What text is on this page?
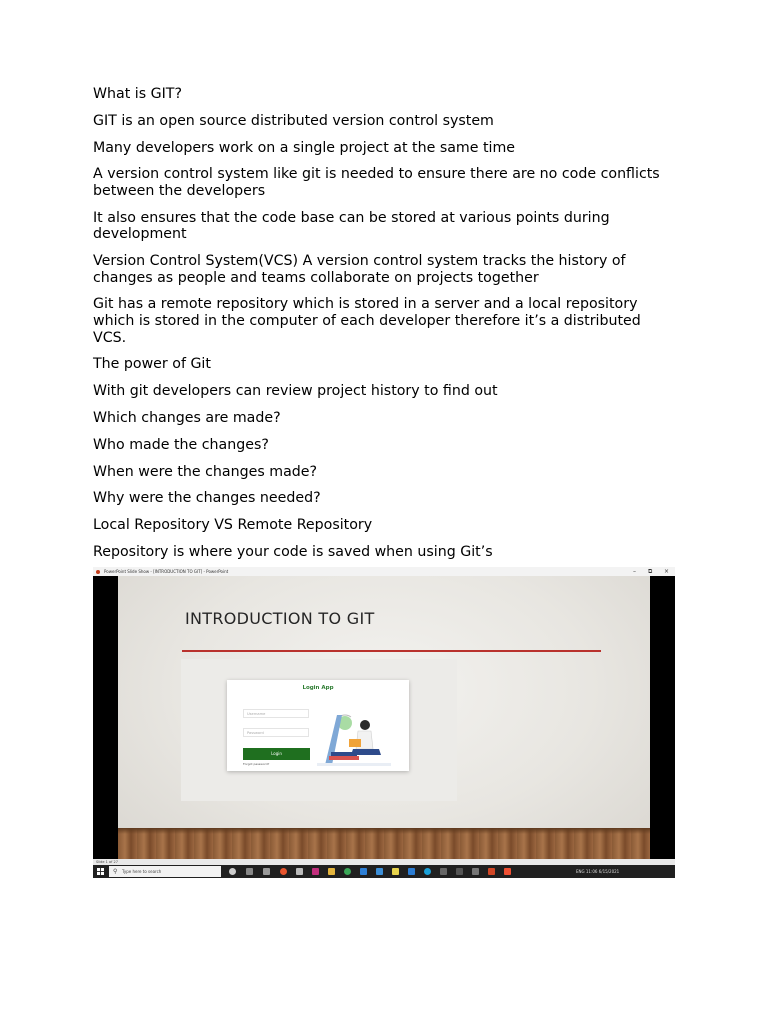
What is GIT?

GIT is an open source distributed version control system

Many developers work on a single project at the same time

A version control system like git is needed to ensure there are no code conflicts between the developers

It also ensures that the code base can be stored at various points during development

Version Control System(VCS) A version control system tracks the history of changes as people and teams collaborate on projects together

Git has a remote repository which is stored in a server and a local repository which is stored in the computer of each developer therefore it’s a distributed VCS.

The power of Git

With git developers can review project history to find out

Which changes are made?

Who made the changes?

When were the changes made?

Why were the changes needed?

Local Repository VS Remote Repository

Repository is where your code is saved when using Git’s

PowerPoint Slide Show - [INTRODUCTION TO GIT] - PowerPoint	– ⧉ ×
INTRODUCTION TO GIT
Login App
Username
Password
Login
Forgot password?
Slide 1 of 27
⚲ Type here to search	ENG 11:06 6/15/2021
